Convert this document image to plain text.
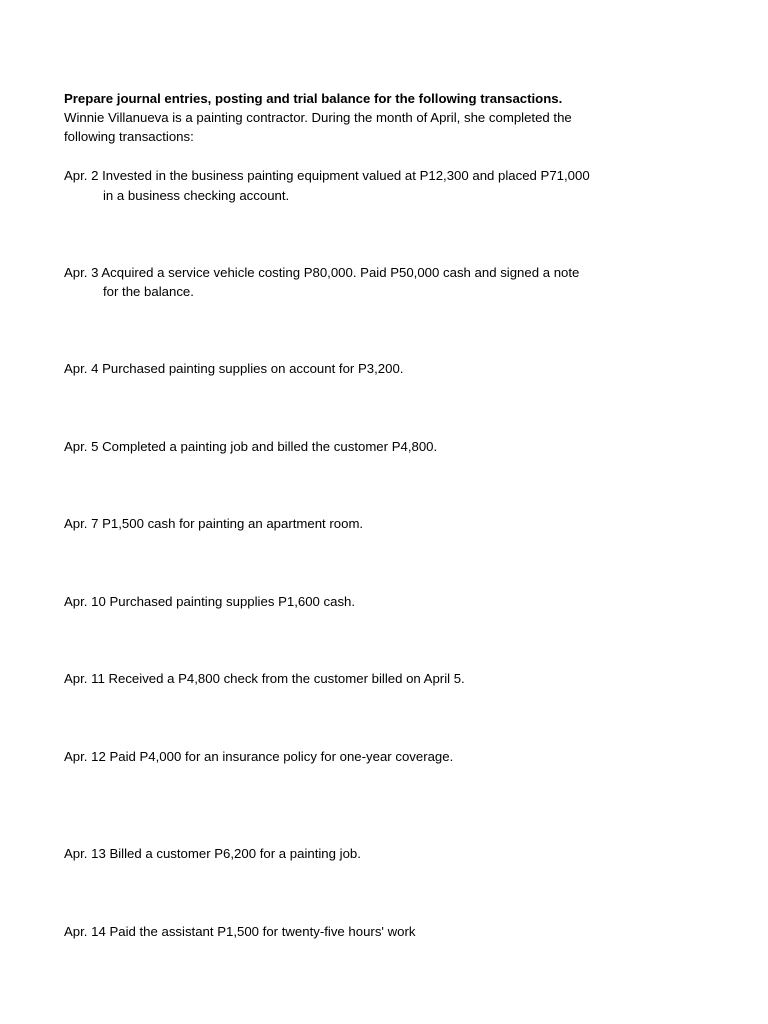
Prepare journal entries, posting and trial balance for the following transactions.
Winnie Villanueva is a painting contractor. During the month of April, she completed the
following transactions:
Apr. 2 Invested in the business painting equipment valued at P12,300 and placed P71,000
in a business checking account.
Apr. 3 Acquired a service vehicle costing P80,000. Paid P50,000 cash and signed a note
for the balance.
Apr. 4 Purchased painting supplies on account for P3,200.
Apr. 5 Completed a painting job and billed the customer P4,800.
Apr. 7 P1,500 cash for painting an apartment room.
Apr. 10 Purchased painting supplies P1,600 cash.
Apr. 11 Received a P4,800 check from the customer billed on April 5.
Apr. 12 Paid P4,000 for an insurance policy for one-year coverage.
Apr. 13 Billed a customer P6,200 for a painting job.
Apr. 14 Paid the assistant P1,500 for twenty-five hours' work
